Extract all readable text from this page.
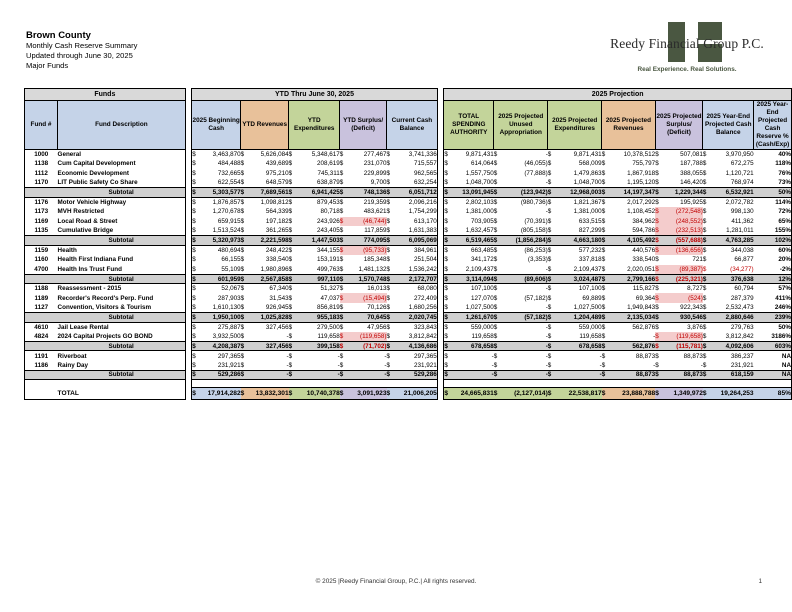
Brown County
Monthly Cash Reserve Summary
Updated through June 30, 2025
Major Funds
Reedy Financial Group P.C.
Real Experience. Real Solutions.
Funds			YTD Thru June 30, 2025											2025 Projection												
Fund #	Fund Description		2025 Beginning Cash		YTD Revenues		YTD Expenditures		YTD Surplus/ (Deficit)		Current Cash Balance			TOTAL SPENDING AUTHORITY		2025 Projected Unused Appropriation		2025 Projected Expenditures		2025 Projected Revenues		2025 Projected Surplus/ (Deficit)		2025 Year-End Projected Cash Balance		2025 Year-End Projected Cash Reserve % (Cash/Exp)
1000	General		$	3,463,870	$	5,626,084	$	5,348,617	$	277,467	$	3,741,336		$	9,871,431	$	-	$	9,871,431	$	10,378,512	$	507,081	$	3,970,950	40%
1138	Cum Capital Development		$	484,488	$	439,689	$	208,619	$	231,070	$	715,557		$	614,064	$	(46,055)	$	568,009	$	755,797	$	187,788	$	672,275	118%
1112	Economic Development		$	732,665	$	975,210	$	745,311	$	229,899	$	962,565		$	1,557,750	$	(77,888)	$	1,479,863	$	1,867,918	$	388,055	$	1,120,721	76%
1170	LIT Public Safety Co Share		$	622,554	$	648,579	$	638,879	$	9,700	$	632,254		$	1,048,700	$	-	$	1,048,700	$	1,195,120	$	146,420	$	768,974	73%
	Subtotal		$	5,303,577	$	7,689,561	$	6,941,425	$	748,136	$	6,051,712		$	13,091,945	$	(123,942)	$	12,968,003	$	14,197,347	$	1,229,344	$	6,532,921	50%
1176	Motor Vehicle Highway		$	1,876,857	$	1,098,812	$	879,453	$	219,359	$	2,096,216		$	2,802,103	$	(980,736)	$	1,821,367	$	2,017,292	$	195,925	$	2,072,782	114%
1173	MVH Restricted		$	1,270,678	$	564,339	$	80,718	$	483,621	$	1,754,299		$	1,381,000	$	-	$	1,381,000	$	1,108,452	$	(272,548)	$	998,130	72%
1169	Local Road & Street		$	659,915	$	197,182	$	243,926	$	(46,744)	$	613,170		$	703,905	$	(70,391)	$	633,515	$	384,962	$	(248,552)	$	411,362	65%
1135	Cumulative Bridge		$	1,513,524	$	361,265	$	243,405	$	117,859	$	1,631,383		$	1,632,457	$	(805,158)	$	827,299	$	594,786	$	(232,513)	$	1,281,011	155%
	Subtotal		$	5,320,973	$	2,221,598	$	1,447,503	$	774,095	$	6,095,069		$	6,519,465	$	(1,856,284)	$	4,663,180	$	4,105,492	$	(557,688)	$	4,763,285	102%
1159	Health		$	480,694	$	248,422	$	344,155	$	(95,733)	$	384,961		$	663,485	$	(86,253)	$	577,232	$	440,576	$	(136,656)	$	344,038	60%
1160	Health First Indiana Fund		$	66,155	$	338,540	$	153,191	$	185,348	$	251,504		$	341,172	$	(3,353)	$	337,818	$	338,540	$	721	$	66,877	20%
4700	Health Ins Trust Fund		$	55,109	$	1,980,896	$	499,763	$	1,481,132	$	1,536,242		$	2,109,437	$	-	$	2,109,437	$	2,020,051	$	(89,387)	$	(34,277)	-2%
	Subtotal		$	601,959	$	2,567,858	$	997,110	$	1,570,748	$	2,172,707		$	3,114,094	$	(89,606)	$	3,024,487	$	2,799,166	$	(225,321)	$	376,638	12%
1188	Reassessment - 2015		$	52,067	$	67,340	$	51,327	$	16,013	$	68,080		$	107,100	$	-	$	107,100	$	115,827	$	8,727	$	60,794	57%
1189	Recorder's Record's Perp. Fund		$	287,903	$	31,543	$	47,037	$	(15,494)	$	272,409		$	127,070	$	(57,182)	$	69,889	$	69,364	$	(524)	$	287,379	411%
1127	Convention, Visitors & Tourism		$	1,610,130	$	926,945	$	856,819	$	70,126	$	1,680,256		$	1,027,500	$	-	$	1,027,500	$	1,949,843	$	922,343	$	2,532,473	246%
	Subtotal		$	1,950,100	$	1,025,828	$	955,183	$	70,645	$	2,020,745		$	1,261,670	$	(57,182)	$	1,204,489	$	2,135,034	$	930,546	$	2,880,646	239%
4610	Jail Lease Rental		$	275,887	$	327,456	$	279,500	$	47,956	$	323,843		$	559,000	$	-	$	559,000	$	562,876	$	3,876	$	279,763	50%
4824	2024 Capital Projects GO BOND		$	3,932,500	$	-	$	119,658	$	(119,658)	$	3,812,842		$	119,658	$	-	$	119,658	$	-	$	(119,658)	$	3,812,842	3186%
	Subtotal		$	4,208,387	$	327,456	$	399,158	$	(71,702)	$	4,136,686		$	678,658	$	-	$	678,658	$	562,876	$	(115,781)	$	4,092,606	603%
1191	Riverboat		$	297,365	$	-	$	-	$	-	$	297,365		$	-	$	-	$	-	$	88,873	$	88,873	$	386,237	NA
1186	Rainy Day		$	231,921	$	-	$	-	$	-	$	231,921		$	-	$	-	$	-	$	-	$	-	$	231,921	NA
	Subtotal		$	529,286	$	-	$	-	$	-	$	529,286		$	-	$	-	$	-	$	88,873	$	88,873	$	618,159	NA

	TOTAL		$	17,914,282	$	13,832,301	$	10,740,378	$	3,091,923	$	21,006,205		$	24,665,831	$	(2,127,014)	$	22,538,817	$	23,888,788	$	1,349,972	$	19,264,253	85%
© 2025 |Reedy Financial Group, P.C.| All rights reserved.	1
